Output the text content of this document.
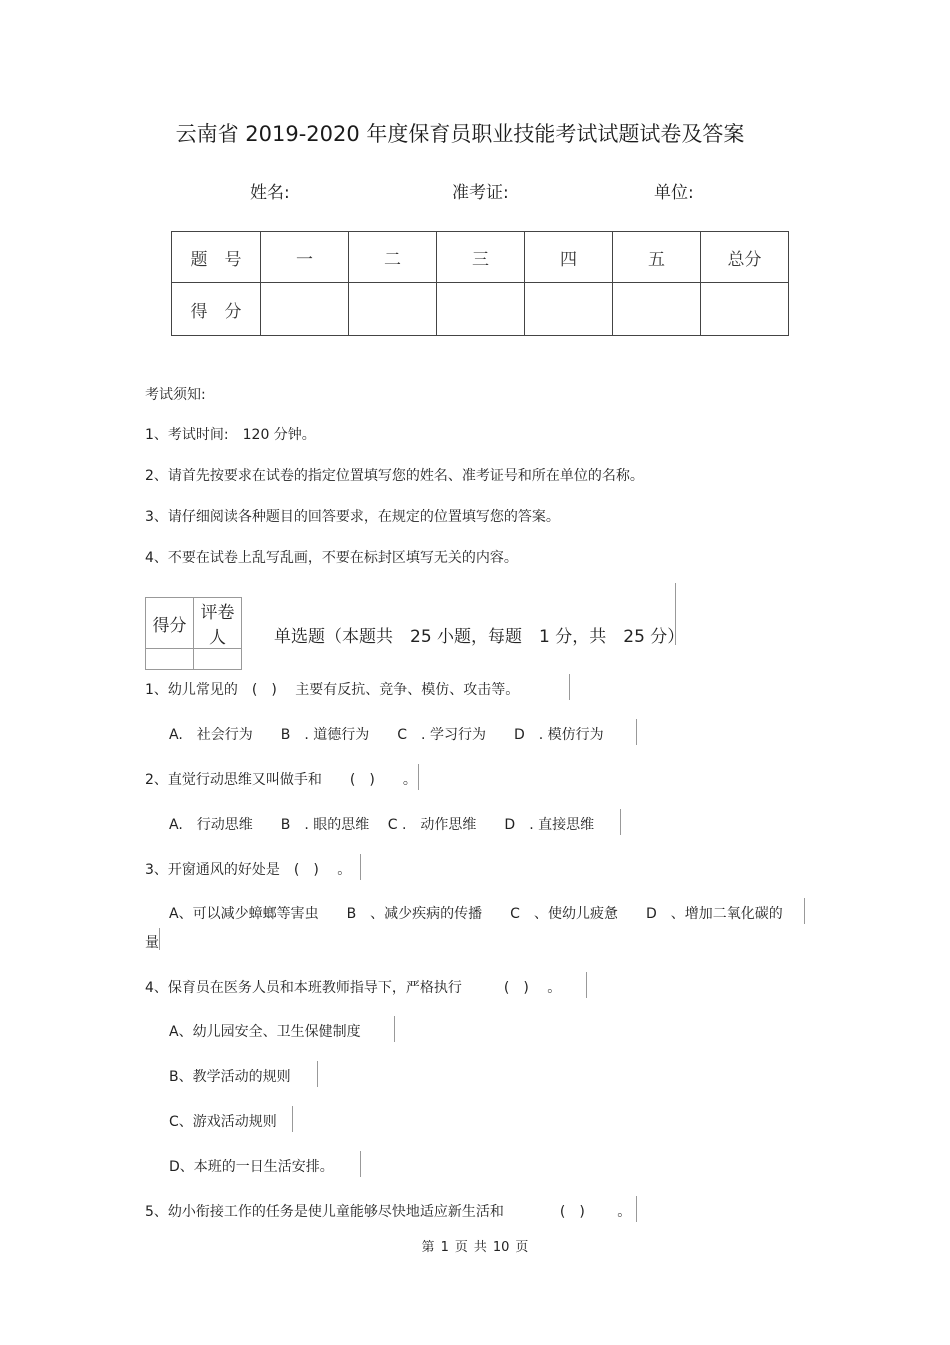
云南省 2019-2020 年度保育员职业技能考试试题试卷及答案
姓名:	准考证:	单位:
题　号	一	二	三	四	五	总分
得　分						
考试须知:
1、考试时间:　120 分钟。
2、请首先按要求在试卷的指定位置填写您的姓名、准考证号和所在单位的名称。
3、请仔细阅读各种题目的回答要求，在规定的位置填写您的答案。
4、不要在试卷上乱写乱画，不要在标封区填写无关的内容。
得分	评卷人
		单选题（本题共　25 小题，每题　1 分，共　25 分）
1、幼儿常见的　(　)　 主要有反抗、竞争、模仿、攻击等。
A.　社会行为　　B　. 道德行为　　C　. 学习行为　　D　. 模仿行为
2、直觉行动思维又叫做手和　　(　)　　。
A.　行动思维　　B　. 眼的思维　 C .　动作思维　　D　. 直接思维
3、开窗通风的好处是　(　)　 。
A、可以减少蟑螂等害虫　　B　、减少疾病的传播　　C　、使幼儿疲惫　　D　、增加二氧化碳的
量
4、保育员在医务人员和本班教师指导下，严格执行　　　(　)　 。
A、幼儿园安全、卫生保健制度
B、教学活动的规则
C、游戏活动规则
D、本班的一日生活安排。
5、幼小衔接工作的任务是使儿童能够尽快地适应新生活和　　　　(　)　 　。
第 1 页 共 10 页
